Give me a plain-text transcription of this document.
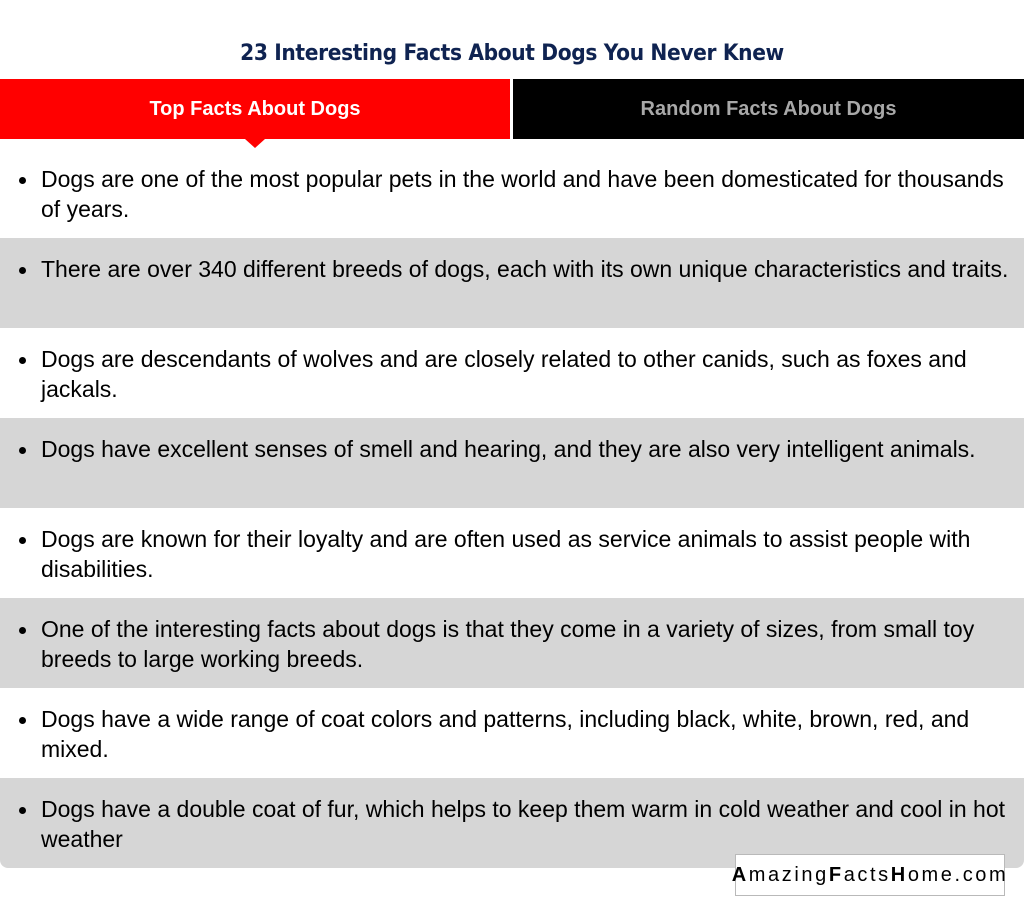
23 Interesting Facts About Dogs You Never Knew
Top Facts About Dogs	Random Facts About Dogs
Dogs are one of the most popular pets in the world and have been domesticated for thousands of years.
There are over 340 different breeds of dogs, each with its own unique characteristics and traits.
Dogs are descendants of wolves and are closely related to other canids, such as foxes and jackals.
Dogs have excellent senses of smell and hearing, and they are also very intelligent animals.
Dogs are known for their loyalty and are often used as service animals to assist people with disabilities.
One of the interesting facts about dogs is that they come in a variety of sizes, from small toy breeds to large working breeds.
Dogs have a wide range of coat colors and patterns, including black, white, brown, red, and mixed.
Dogs have a double coat of fur, which helps to keep them warm in cold weather and cool in hot weather
A mazing F acts H ome.com
